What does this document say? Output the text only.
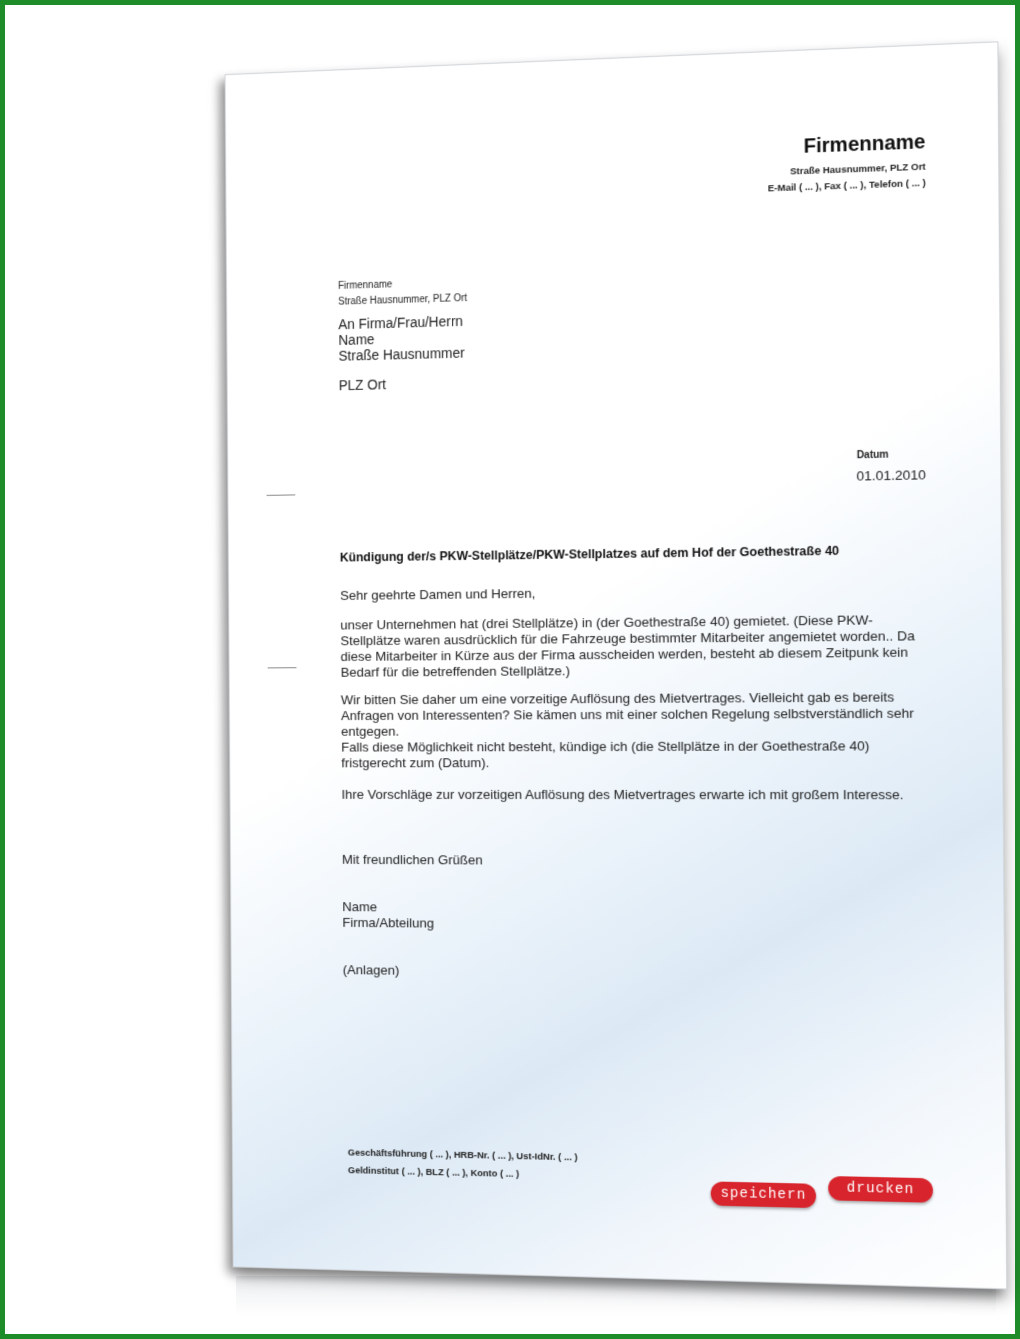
Firmenname
Straße Hausnummer, PLZ Ort
E-Mail ( ... ), Fax ( ... ), Telefon ( ... )
Firmenname
Straße Hausnummer, PLZ Ort
An Firma/Frau/Herrn
Name
Straße Hausnummer
PLZ Ort
Datum
01.01.2010
Kündigung der/s PKW-Stellplätze/PKW-Stellplatzes auf dem Hof der Goethestraße 40
Sehr geehrte Damen und Herren,
unser Unternehmen hat (drei Stellplätze) in (der Goethestraße 40) gemietet. (Diese PKW-Stellplätze waren ausdrücklich für die Fahrzeuge bestimmter Mitarbeiter angemietet worden.. Da diese Mitarbeiter in Kürze aus der Firma ausscheiden werden, besteht ab diesem Zeitpunk kein Bedarf für die betreffenden Stellplätze.)
Wir bitten Sie daher um eine vorzeitige Auflösung des Mietvertrages. Vielleicht gab es bereits Anfragen von Interessenten? Sie kämen uns mit einer solchen Regelung selbstverständlich sehr entgegen.
Falls diese Möglichkeit nicht besteht, kündige ich (die Stellplätze in der Goethestraße 40) fristgerecht zum (Datum).
Ihre Vorschläge zur vorzeitigen Auflösung des Mietvertrages erwarte ich mit großem Interesse.
Mit freundlichen Grüßen
Name
Firma/Abteilung
(Anlagen)
Geschäftsführung ( ... ), HRB-Nr. ( ... ), Ust-IdNr. ( ... )
Geldinstitut ( ... ), BLZ ( ... ), Konto ( ... )
speichern	drucken
